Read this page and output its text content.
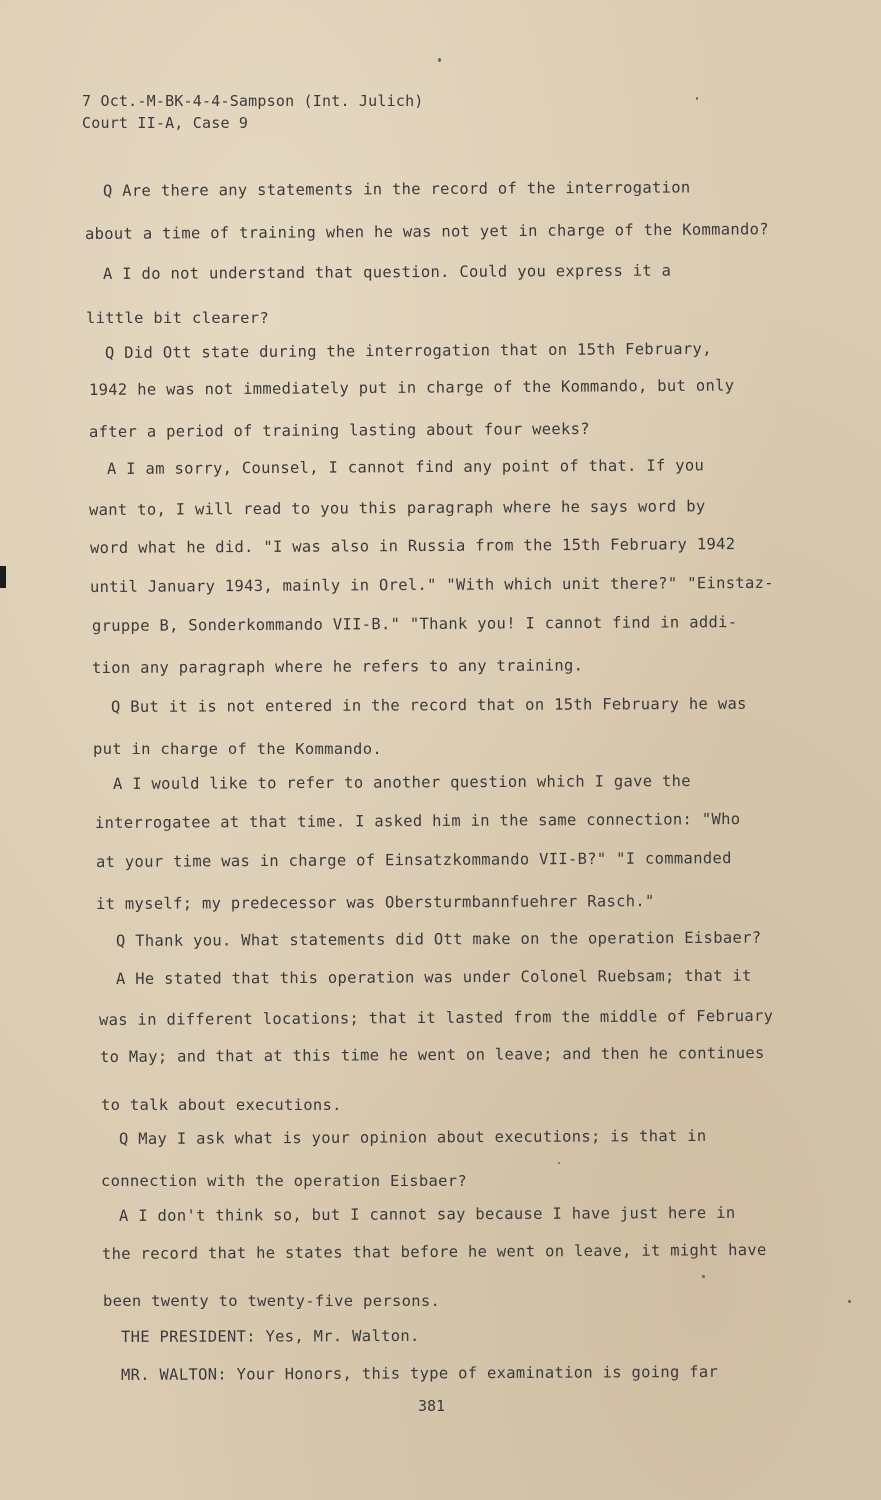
7 Oct.-M-BK-4-4-Sampson (Int. Julich)
Court II-A, Case 9
Q Are there any statements in the record of the interrogation
about a time of training when he was not yet in charge of the Kommando?
A I do not understand that question. Could you express it a
little bit clearer?
Q Did Ott state during the interrogation that on 15th February,
1942 he was not immediately put in charge of the Kommando, but only
after a period of training lasting about four weeks?
A I am sorry, Counsel, I cannot find any point of that. If you
want to, I will read to you this paragraph where he says word by
word what he did. "I was also in Russia from the 15th February 1942
until January 1943, mainly in Orel." "With which unit there?" "Einstaz-
gruppe B, Sonderkommando VII-B." "Thank you! I cannot find in addi-
tion any paragraph where he refers to any training.
Q But it is not entered in the record that on 15th February he was
put in charge of the Kommando.
A I would like to refer to another question which I gave the
interrogatee at that time. I asked him in the same connection: "Who
at your time was in charge of Einsatzkommando VII-B?" "I commanded
it myself; my predecessor was Obersturmbannfuehrer Rasch."
Q Thank you. What statements did Ott make on the operation Eisbaer?
A He stated that this operation was under Colonel Ruebsam; that it
was in different locations; that it lasted from the middle of February
to May; and that at this time he went on leave; and then he continues
to talk about executions.
Q May I ask what is your opinion about executions; is that in
connection with the operation Eisbaer?
A I don't think so, but I cannot say because I have just here in
the record that he states that before he went on leave, it might have
been twenty to twenty-five persons.
THE PRESIDENT: Yes, Mr. Walton.
MR. WALTON: Your Honors, this type of examination is going far
381
